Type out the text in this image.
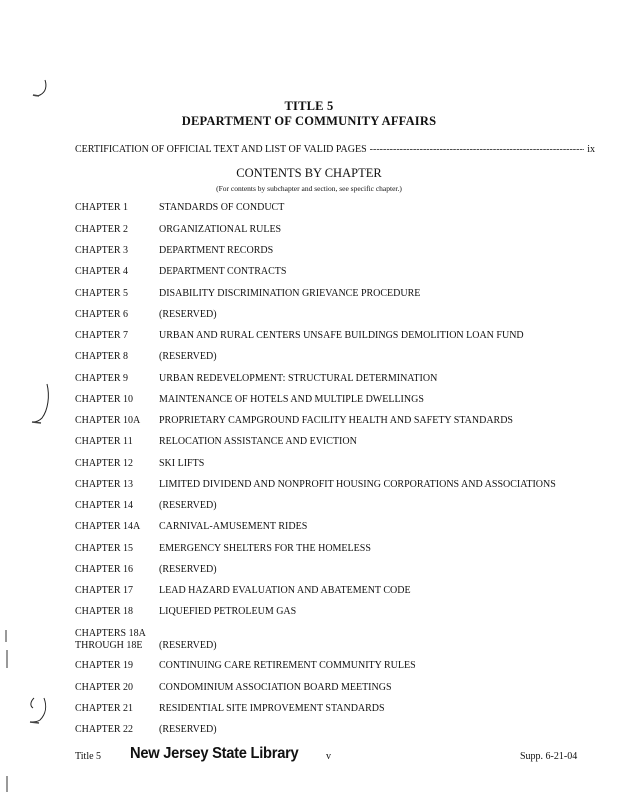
TITLE 5
DEPARTMENT OF COMMUNITY AFFAIRS
CERTIFICATION OF OFFICIAL TEXT AND LIST OF VALID PAGES
-----	ix
CONTENTS BY CHAPTER
(For contents by subchapter and section, see specific chapter.)
CHAPTER 1	STANDARDS OF CONDUCT
CHAPTER 2	ORGANIZATIONAL RULES
CHAPTER 3	DEPARTMENT RECORDS
CHAPTER 4	DEPARTMENT CONTRACTS
CHAPTER 5	DISABILITY DISCRIMINATION GRIEVANCE PROCEDURE
CHAPTER 6	(RESERVED)
CHAPTER 7	URBAN AND RURAL CENTERS UNSAFE BUILDINGS DEMOLITION LOAN FUND
CHAPTER 8	(RESERVED)
CHAPTER 9	URBAN REDEVELOPMENT: STRUCTURAL DETERMINATION
CHAPTER 10	MAINTENANCE OF HOTELS AND MULTIPLE DWELLINGS
CHAPTER 10A	PROPRIETARY CAMPGROUND FACILITY HEALTH AND SAFETY STANDARDS
CHAPTER 11	RELOCATION ASSISTANCE AND EVICTION
CHAPTER 12	SKI LIFTS
CHAPTER 13	LIMITED DIVIDEND AND NONPROFIT HOUSING CORPORATIONS AND ASSOCIATIONS
CHAPTER 14	(RESERVED)
CHAPTER 14A	CARNIVAL-AMUSEMENT RIDES
CHAPTER 15	EMERGENCY SHELTERS FOR THE HOMELESS
CHAPTER 16	(RESERVED)
CHAPTER 17	LEAD HAZARD EVALUATION AND ABATEMENT CODE
CHAPTER 18	LIQUEFIED PETROLEUM GAS
CHAPTERS 18A
THROUGH 18E	(RESERVED)
CHAPTER 19	CONTINUING CARE RETIREMENT COMMUNITY RULES
CHAPTER 20	CONDOMINIUM ASSOCIATION BOARD MEETINGS
CHAPTER 21	RESIDENTIAL SITE IMPROVEMENT STANDARDS
CHAPTER 22	(RESERVED)
Title 5 New Jersey State Library	v	Supp. 6-21-04
